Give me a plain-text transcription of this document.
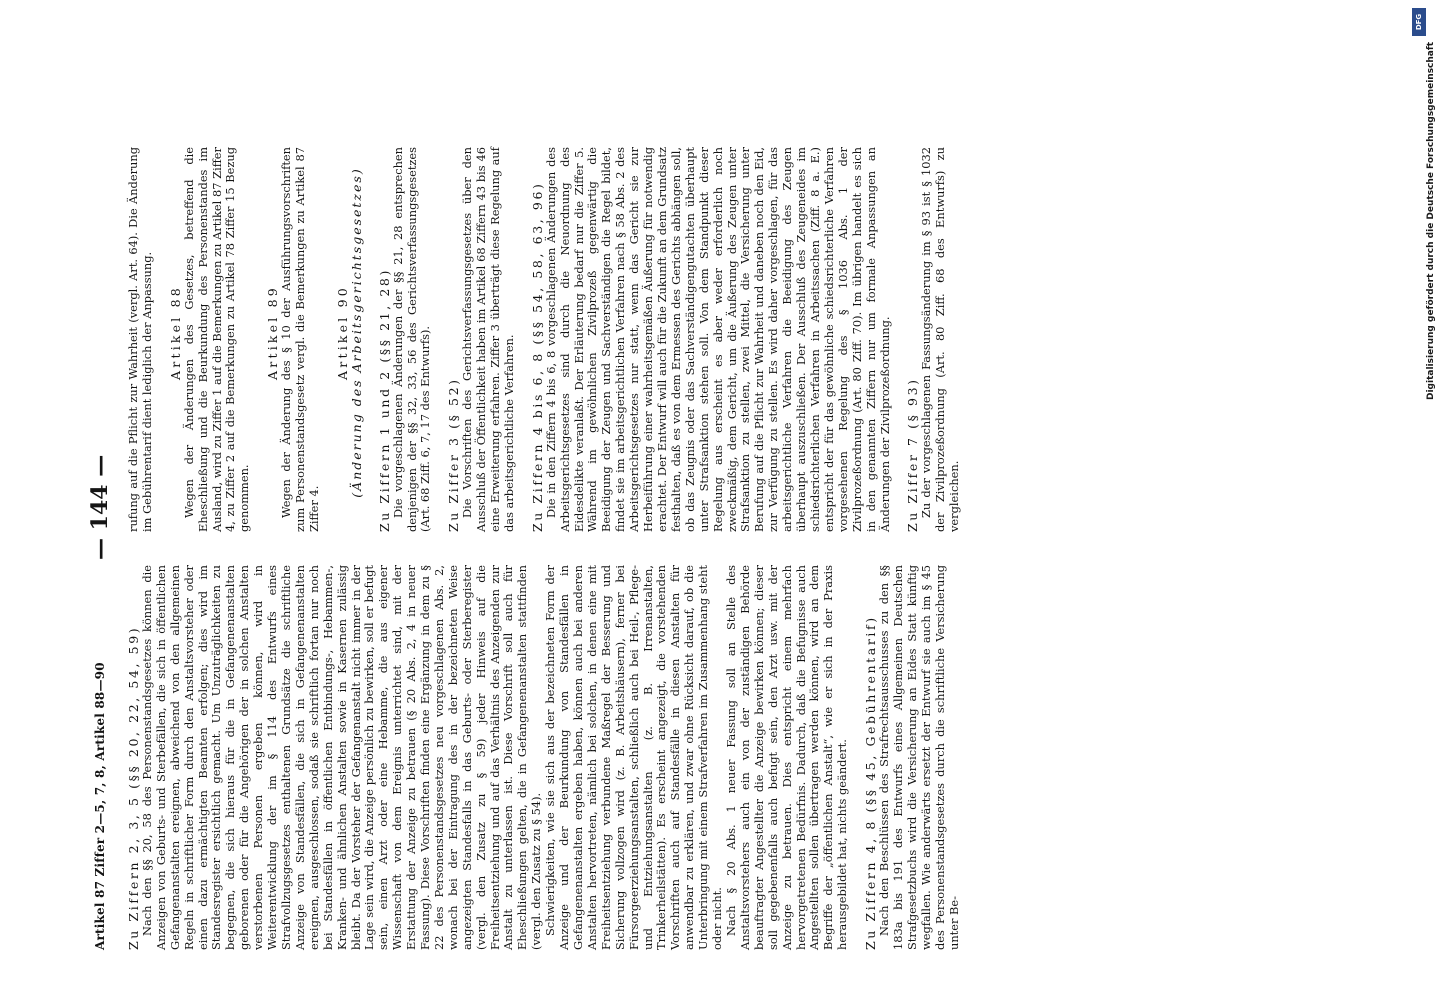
Artikel 87 Ziffer 2—5, 7, 8, Artikel 88—90
— 144 —

Zu Ziffern 2, 3, 5 (§§ 20, 22, 54, 59)

Nach den §§ 20, 58 des Personenstandsgesetzes können die Anzeigen von Geburts- und Sterbefällen, die sich in öffentlichen Gefangenanstalten ereignen, abweichend von den allgemeinen Regeln in schriftlicher Form durch den Anstaltsvorsteher oder einen dazu ermächtigten Beamten erfolgen; dies wird im Standesregister ersichtlich gemacht. Um Unzuträglichkeiten zu begegnen, die sich hieraus für die in Gefangenenanstalten geborenen oder für die Angehörigen der in solchen Anstalten verstorbenen Personen ergeben können, wird in Weiterentwicklung der im § 114 des Entwurfs eines Strafvollzugsgesetzes enthaltenen Grundsätze die schriftliche Anzeige von Standesfällen, die sich in Gefangenenanstalten ereignen, ausgeschlossen, sodaß sie schriftlich fortan nur noch bei Standesfällen in öffentlichen Entbindungs-, Hebammen-, Kranken- und ähnlichen Anstalten sowie in Kasernen zulässig bleibt. Da der Vorsteher der Gefangenanstalt nicht immer in der Lage sein wird, die Anzeige persönlich zu bewirken, soll er befugt sein, einen Arzt oder eine Hebamme, die aus eigener Wissenschaft von dem Ereignis unterrichtet sind, mit der Erstattung der Anzeige zu betrauen (§ 20 Abs. 2, 4 in neuer Fassung). Diese Vorschriften finden eine Ergänzung in dem zu § 22 des Personenstandsgesetzes neu vorgeschlagenen Abs. 2, wonach bei der Eintragung des in der bezeichneten Weise angezeigten Standesfalls in das Geburts- oder Sterberegister (vergl. den Zusatz zu § 59) jeder Hinweis auf die Freiheitsentziehung und auf das Verhältnis des Anzeigenden zur Anstalt zu unterlassen ist. Diese Vorschrift soll auch für Eheschließungen gelten, die in Gefangenenanstalten stattfinden (vergl. den Zusatz zu § 54). Schwierigkeiten, wie sie sich aus der bezeichneten Form der Anzeige und der Beurkundung von Standesfällen in Gefangenenanstalten ergeben haben, können auch bei anderen Anstalten hervortreten, nämlich bei solchen, in denen eine mit Freiheitsentziehung verbundene Maßregel der Besserung und Sicherung vollzogen wird (z. B. Arbeitshäusern), ferner bei Fürsorgeerziehungsanstalten, schließlich auch bei Heil-, Pflege- und Entziehungsanstalten (z. B. Irrenanstalten, Trinkerheilstätten). Es erscheint angezeigt, die vorstehenden Vorschriften auch auf Standesfälle in diesen Anstalten für anwendbar zu erklären, und zwar ohne Rücksicht darauf, ob die Unterbringung mit einem Strafverfahren im Zusammenhang steht oder nicht. Nach § 20 Abs. 1 neuer Fassung soll an Stelle des Anstaltsvorstehers auch ein von der zuständigen Behörde beauftragter Angestellter die Anzeige bewirken können; dieser soll gegebenenfalls auch befugt sein, den Arzt usw. mit der Anzeige zu betrauen. Dies entspricht einem mehrfach hervorgetretenen Bedürfnis. Dadurch, daß die Befugnisse auch Angestellten sollen übertragen werden können, wird an dem Begriffe der „öffentlichen Anstalt“, wie er sich in der Praxis herausgebildet hat, nichts geändert. Zu Ziffern 4, 8 (§§ 45, Gebührentarif)

Nach den Beschlüssen des Strafrechtsausschusses zu den §§ 183a bis 191 des Entwurfs eines Allgemeinen Deutschen Strafgesetzbuchs wird die Versicherung an Eides Statt künftig wegfallen. Wie anderwärts ersetzt der Entwurf sie auch im § 45 des Personenstandsgesetzes durch die schriftliche Versicherung unter Be-

rufung auf die Pflicht zur Wahrheit (vergl. Art. 64). Die Änderung im Gebührentarif dient lediglich der Anpassung. Artikel 88

Wegen der Änderungen des Gesetzes, betreffend die Eheschließung und die Beurkundung des Personenstandes im Ausland, wird zu Ziffer 1 auf die Bemerkungen zu Artikel 87 Ziffer 4, zu Ziffer 2 auf die Bemerkungen zu Artikel 78 Ziffer 15 Bezug genommen.

Artikel 89

Wegen der Änderung des § 10 der Ausführungsvorschriften zum Personenstandsgesetz vergl. die Bemerkungen zu Artikel 87 Ziffer 4.

Artikel 90

(Änderung des Arbeitsgerichtsgesetzes) Zu Ziffern 1 und 2 (§§ 21, 28)

Die vorgeschlagenen Änderungen der §§ 21, 28 entsprechen denjenigen der §§ 32, 33, 56 des Gerichtsverfassungsgesetzes (Art. 68 Ziff. 6, 7, 17 des Entwurfs). Zu Ziffer 3 (§ 52)

Die Vorschriften des Gerichtsverfassungsgesetzes über den Ausschluß der Öffentlichkeit haben im Artikel 68 Ziffern 43 bis 46 eine Erweiterung erfahren. Ziffer 3 überträgt diese Regelung auf das arbeitsgerichtliche Verfahren. Zu Ziffern 4 bis 6, 8 (§§ 54, 58, 63, 96)

Die in den Ziffern 4 bis 6, 8 vorgeschlagenen Änderungen des Arbeitsgerichtsgesetzes sind durch die Neuordnung des Eidesdelikte veranlaßt. Der Erläuterung bedarf nur die Ziffer 5. Während im gewöhnlichen Zivilprozeß gegenwärtig die Beeidigung der Zeugen und Sachverständigen die Regel bildet, findet sie im arbeitsgerichtlichen Verfahren nach § 58 Abs. 2 des Arbeitsgerichtsgesetzes nur statt, wenn das Gericht sie zur Herbeiführung einer wahrheitsgemäßen Äußerung für notwendig erachtet. Der Entwurf will auch für die Zukunft an dem Grundsatz festhalten, daß es von dem Ermessen des Gerichts abhängen soll, ob das Zeugnis oder das Sachverständigengutachten überhaupt unter Strafsanktion stehen soll. Von dem Standpunkt dieser Regelung aus erscheint es aber weder erforderlich noch zweckmäßig, dem Gericht, um die Äußerung des Zeugen unter Strafsanktion zu stellen, zwei Mittel, die Versicherung unter Berufung auf die Pflicht zur Wahrheit und daneben noch den Eid, zur Verfügung zu stellen. Es wird daher vorgeschlagen, für das arbeitsgerichtliche Verfahren die Beeidigung des Zeugen überhaupt auszuschließen. Der Ausschluß des Zeugeneides im schiedsrichterlichen Verfahren in Arbeitssachen (Ziff. 8 a. E.) entspricht der für das gewöhnliche schiedsrichterliche Verfahren vorgesehenen Regelung des § 1036 Abs. 1 der Zivilprozeßordnung (Art. 80 Ziff. 70). Im übrigen handelt es sich in den genannten Ziffern nur um formale Anpassungen an Änderungen der Zivilprozeßordnung. Zu Ziffer 7 (§ 93)

Zu der vorgeschlagenen Fassungsänderung im § 93 ist § 1032 der Zivilprozeßordnung (Art. 80 Ziff. 68 des Entwurfs) zu vergleichen.

DFG
Digitalisierung gefördert durch die Deutsche Forschungsgemeinschaft
